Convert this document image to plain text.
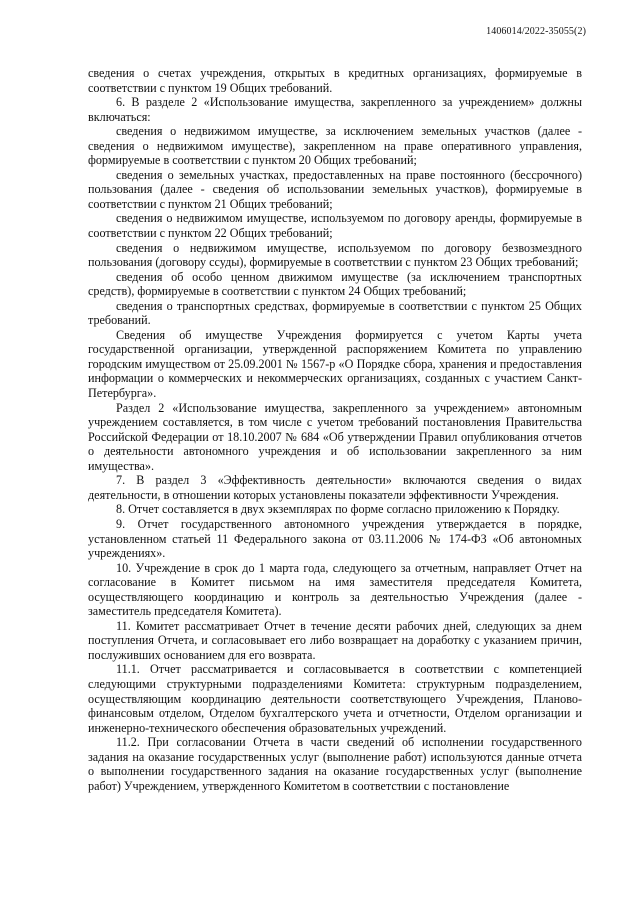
1406014/2022-35055(2)

сведения о счетах учреждения, открытых в кредитных организациях, формируемые в соответствии с пунктом 19 Общих требований.

6. В разделе 2 «Использование имущества, закрепленного за учреждением» должны включаться:

сведения о недвижимом имуществе, за исключением земельных участков (далее - сведения о недвижимом имуществе), закрепленном на праве оперативного управления, формируемые в соответствии с пунктом 20 Общих требований;

сведения о земельных участках, предоставленных на праве постоянного (бессрочного) пользования (далее - сведения об использовании земельных участков), формируемые в соответствии с пунктом 21 Общих требований;

сведения о недвижимом имуществе, используемом по договору аренды, формируемые в соответствии с пунктом 22 Общих требований;

сведения о недвижимом имуществе, используемом по договору безвозмездного пользования (договору ссуды), формируемые в соответствии с пунктом 23 Общих требований;

сведения об особо ценном движимом имуществе (за исключением транспортных средств), формируемые в соответствии с пунктом 24 Общих требований;

сведения о транспортных средствах, формируемые в соответствии с пунктом 25 Общих требований.

Сведения об имуществе Учреждения формируется с учетом Карты учета государственной организации, утвержденной распоряжением Комитета по управлению городским имуществом от 25.09.2001 № 1567-р «О Порядке сбора, хранения и предоставления информации о коммерческих и некоммерческих организациях, созданных с участием Санкт-Петербурга».

Раздел 2 «Использование имущества, закрепленного за учреждением» автономным учреждением составляется, в том числе с учетом требований постановления Правительства Российской Федерации от 18.10.2007 № 684 «Об утверждении Правил опубликования отчетов о деятельности автономного учреждения и об использовании закрепленного за ним имущества».

7. В раздел 3 «Эффективность деятельности» включаются сведения о видах деятельности, в отношении которых установлены показатели эффективности Учреждения.

8. Отчет составляется в двух экземплярах по форме согласно приложению к Порядку.

9. Отчет государственного автономного учреждения утверждается в порядке, установленном статьей 11 Федерального закона от 03.11.2006 № 174-ФЗ «Об автономных учреждениях».

10. Учреждение в срок до 1 марта года, следующего за отчетным, направляет Отчет на согласование в Комитет письмом на имя заместителя председателя Комитета, осуществляющего координацию и контроль за деятельностью Учреждения (далее - заместитель председателя Комитета).

11. Комитет рассматривает Отчет в течение десяти рабочих дней, следующих за днем поступления Отчета, и согласовывает его либо возвращает на доработку с указанием причин, послуживших основанием для его возврата.

11.1. Отчет рассматривается и согласовывается в соответствии с компетенцией следующими структурными подразделениями Комитета: структурным подразделением, осуществляющим координацию деятельности соответствующего Учреждения, Планово-финансовым отделом, Отделом бухгалтерского учета и отчетности, Отделом организации и инженерно-технического обеспечения образовательных учреждений.

11.2. При согласовании Отчета в части сведений об исполнении государственного задания на оказание государственных услуг (выполнение работ) используются данные отчета о выполнении государственного задания на оказание государственных услуг (выполнение работ) Учреждением, утвержденного Комитетом в соответствии с постановление
